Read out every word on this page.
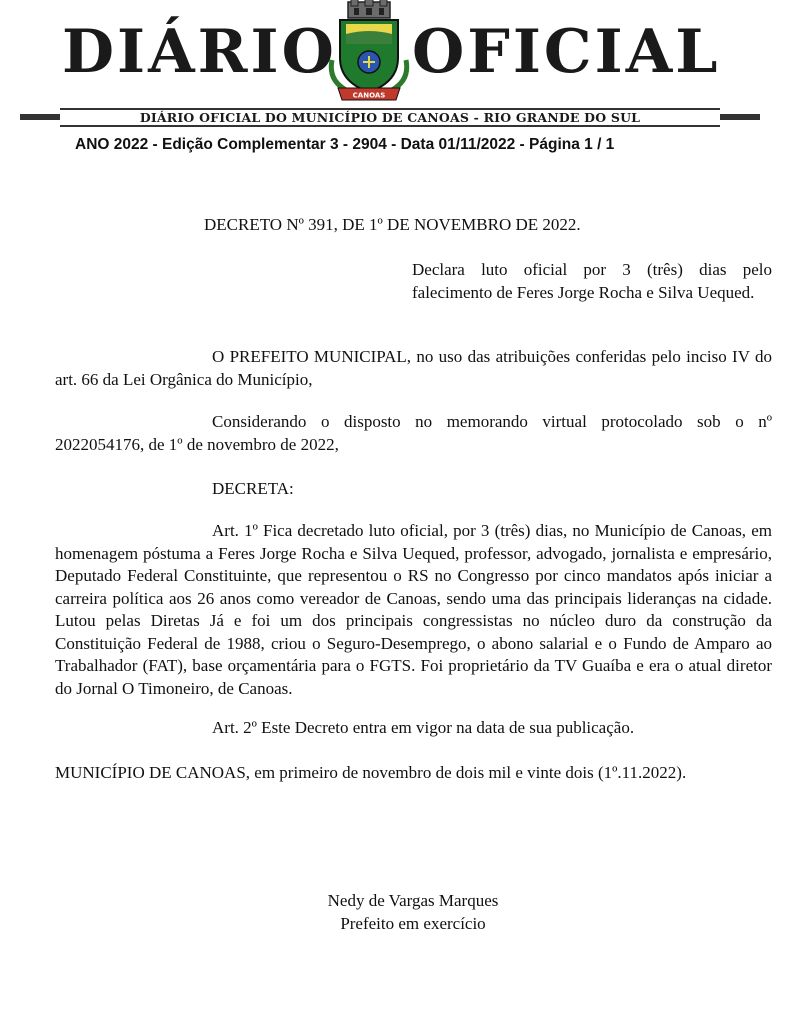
DIÁRIO OFICIAL
CANOAS
DIÁRIO OFICIAL DO MUNICÍPIO DE CANOAS - RIO GRANDE DO SUL
ANO 2022 - Edição Complementar 3 - 2904 - Data 01/11/2022 - Página 1 / 1
DECRETO Nº 391, DE 1º DE NOVEMBRO DE 2022.
Declara luto oficial por 3 (três) dias pelo falecimento de Feres Jorge Rocha e Silva Uequed.
O PREFEITO MUNICIPAL, no uso das atribuições conferidas pelo inciso IV do art. 66 da Lei Orgânica do Município,
Considerando o disposto no memorando virtual protocolado sob o nº 2022054176, de 1º de novembro de 2022,
DECRETA:
Art. 1º Fica decretado luto oficial, por 3 (três) dias, no Município de Canoas, em homenagem póstuma a Feres Jorge Rocha e Silva Uequed, professor, advogado, jornalista e empresário, Deputado Federal Constituinte, que representou o RS no Congresso por cinco mandatos após iniciar a carreira política aos 26 anos como vereador de Canoas, sendo uma das principais lideranças na cidade. Lutou pelas Diretas Já e foi um dos principais congressistas no núcleo duro da construção da Constituição Federal de 1988, criou o Seguro-Desemprego, o abono salarial e o Fundo de Amparo ao Trabalhador (FAT), base orçamentária para o FGTS. Foi proprietário da TV Guaíba e era o atual diretor do Jornal O Timoneiro, de Canoas.
Art. 2º Este Decreto entra em vigor na data de sua publicação.
MUNICÍPIO DE CANOAS, em primeiro de novembro de dois mil e vinte dois (1º.11.2022).
Nedy de Vargas Marques
Prefeito em exercício
